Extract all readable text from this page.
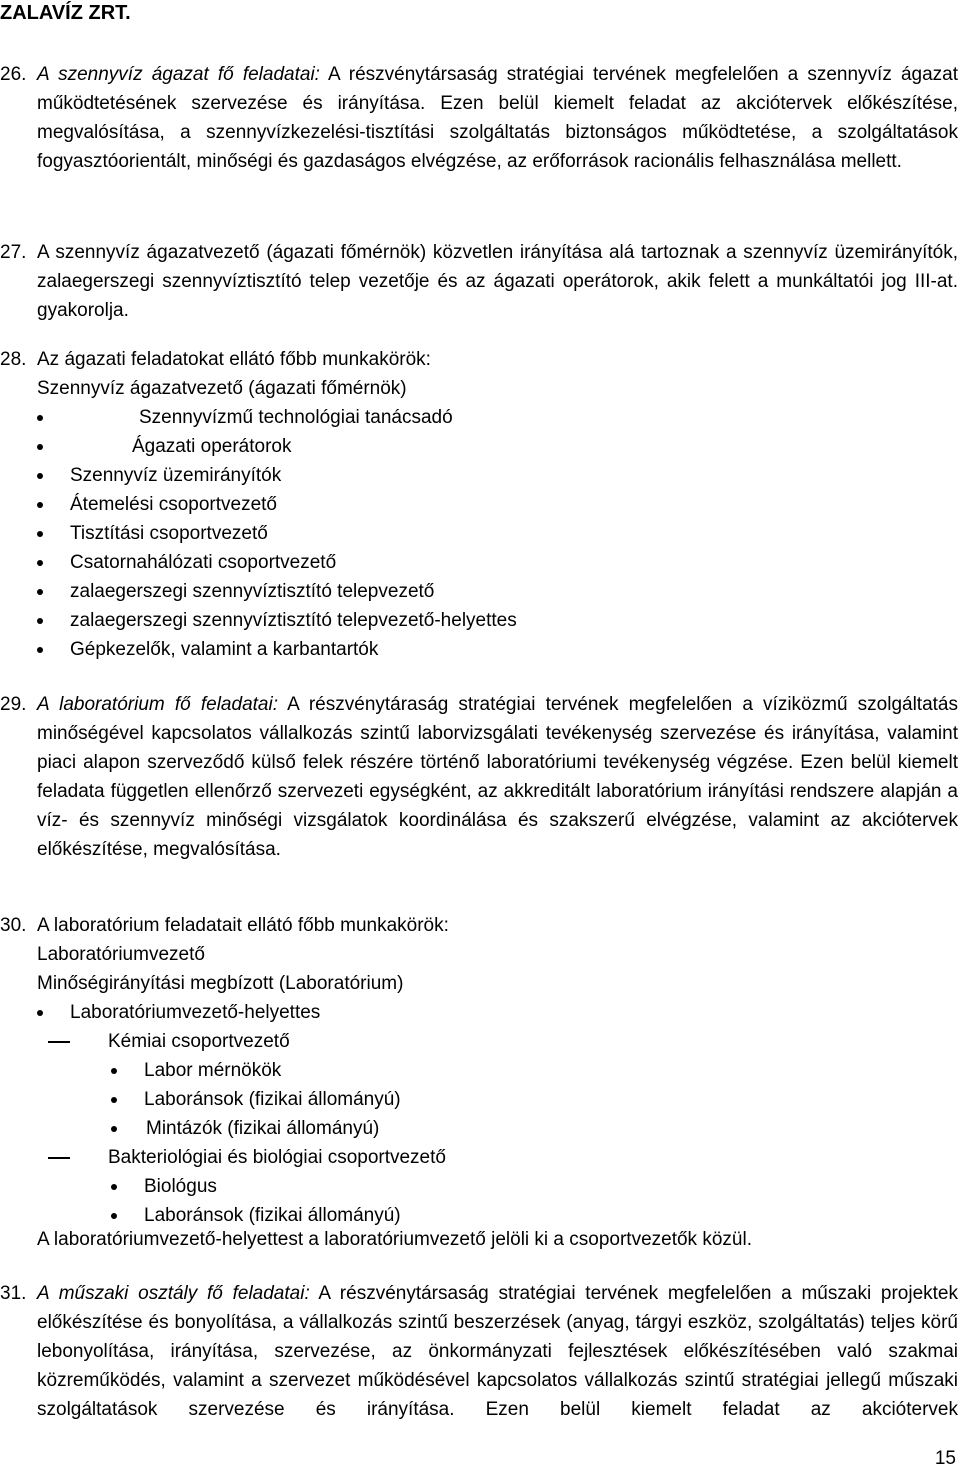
ZALAVÍZ ZRT.
26. A szennyvíz ágazat fő feladatai: A részvénytársaság stratégiai tervének megfelelően a szennyvíz ágazat működtetésének szervezése és irányítása. Ezen belül kiemelt feladat az akciótervek előkészítése, megvalósítása, a szennyvízkezelési-tisztítási szolgáltatás biztonságos működtetése, a szolgáltatások fogyasztóorientált, minőségi és gazdaságos elvégzése, az erőforrások racionális felhasználása mellett.

27. A szennyvíz ágazatvezető (ágazati főmérnök) közvetlen irányítása alá tartoznak a szennyvíz üzemirányítók, zalaegerszegi szennyvíztisztító telep vezetője és az ágazati operátorok, akik felett a munkáltatói jog III-at. gyakorolja.

28. Az ágazati feladatokat ellátó főbb munkakörök:

Szennyvíz ágazatvezető (ágazati főmérnök)
Szennyvízmű technológiai tanácsadó
Ágazati operátorok
Szennyvíz üzemirányítók
Átemelési csoportvezető
Tisztítási csoportvezető
Csatornahálózati csoportvezető
zalaegerszegi szennyvíztisztító telepvezető
zalaegerszegi szennyvíztisztító telepvezető-helyettes
Gépkezelők, valamint a karbantartók
29. A laboratórium fő feladatai: A részvénytáraság stratégiai tervének megfelelően a víziközmű szolgáltatás minőségével kapcsolatos vállalkozás szintű laborvizsgálati tevékenység szervezése és irányítása, valamint piaci alapon szerveződő külső felek részére történő laboratóriumi tevékenység végzése. Ezen belül kiemelt feladata független ellenőrző szervezeti egységként, az akkreditált laboratórium irányítási rendszere alapján a víz- és szennyvíz minőségi vizsgálatok koordinálása és szakszerű elvégzése, valamint az akciótervek előkészítése, megvalósítása.

30. A laboratórium feladatait ellátó főbb munkakörök:

Laboratóriumvezető
Minőségirányítási megbízott (Laboratórium)
Laboratóriumvezető-helyettes
Kémiai csoportvezető
Labor mérnökök
Laboránsok (fizikai állományú)
Mintázók (fizikai állományú)
Bakteriológiai és biológiai csoportvezető
Biológus
Laboránsok (fizikai állományú)
A laboratóriumvezető-helyettest a laboratóriumvezető jelöli ki a csoportvezetők közül.
31. A műszaki osztály fő feladatai: A részvénytársaság stratégiai tervének megfelelően a műszaki projektek előkészítése és bonyolítása, a vállalkozás szintű beszerzések (anyag, tárgyi eszköz, szolgáltatás) teljes körű lebonyolítása, irányítása, szervezése, az önkormányzati fejlesztések előkészítésében való szakmai közreműködés, valamint a szervezet működésével kapcsolatos vállalkozás szintű stratégiai jellegű műszaki szolgáltatások szervezése és irányítása. Ezen belül kiemelt feladat az akciótervek

15
